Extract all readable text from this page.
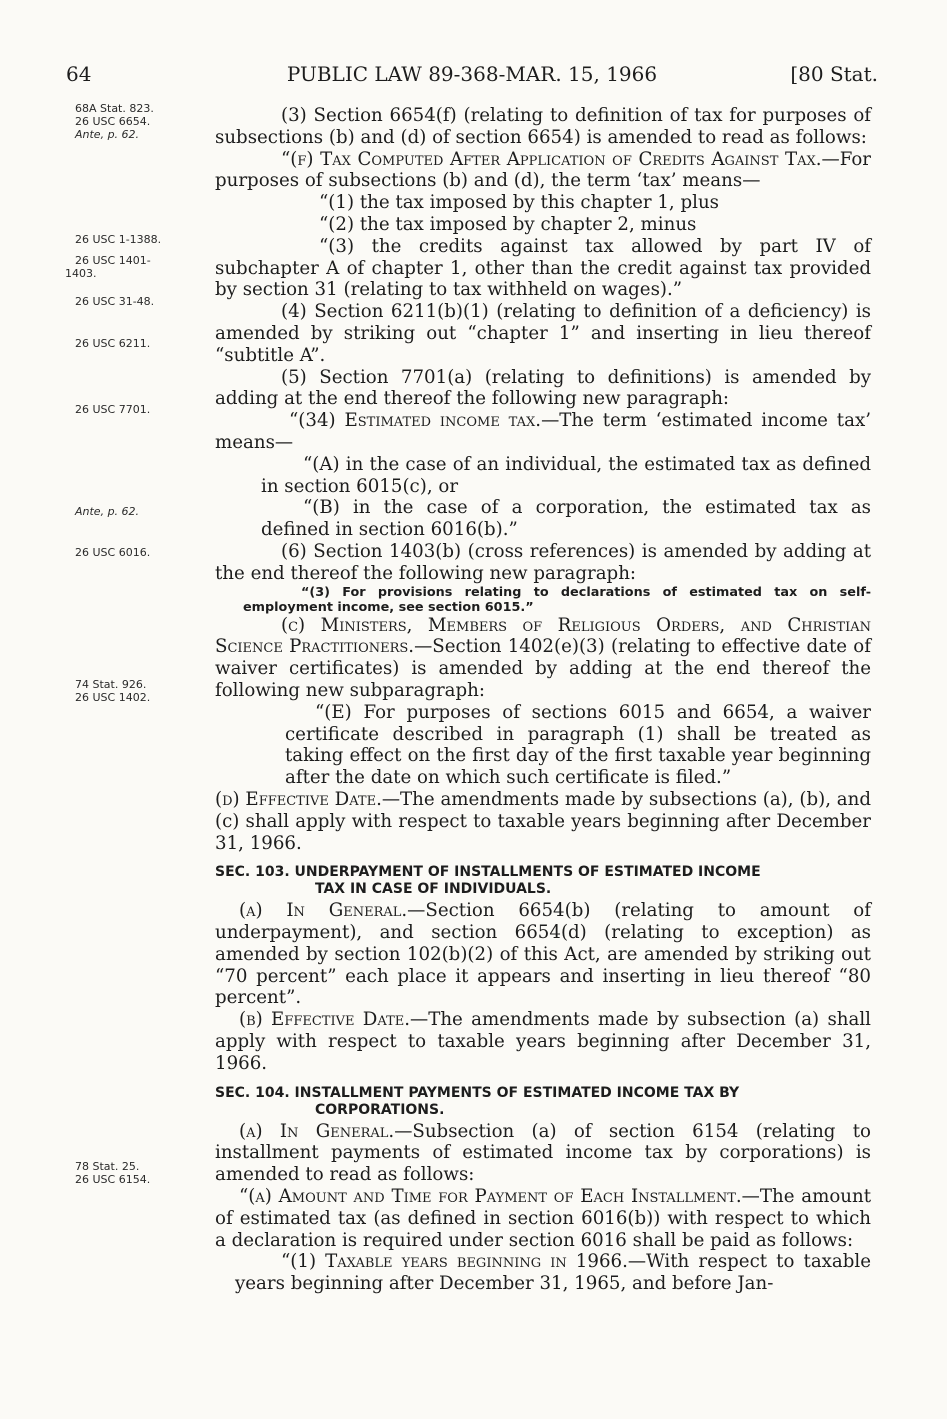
64	PUBLIC LAW 89-368-MAR. 15, 1966	[80 Stat.
68A Stat. 823.
26 USC 6654.
Ante, p. 62.
26 USC 1-1388.
26 USC 1401-
1403.
26 USC 31-48.
26 USC 6211.
26 USC 7701.
Ante, p. 62.
26 USC 6016.
74 Stat. 926.
26 USC 1402.
78 Stat. 25.
26 USC 6154.

(3) Section 6654(f) (relating to definition of tax for purposes of subsections (b) and (d) of section 6654) is amended to read as follows:

“(f) Tax Computed After Application of Credits Against Tax.—For purposes of subsections (b) and (d), the term ‘tax’ means—

“(1) the tax imposed by this chapter 1, plus

“(2) the tax imposed by chapter 2, minus

“(3) the credits against tax allowed by part IV of subchapter A of chapter 1, other than the credit against tax provided by section 31 (relating to tax withheld on wages).”

(4) Section 6211(b)(1) (relating to definition of a deficiency) is amended by striking out “chapter 1” and inserting in lieu thereof “subtitle A”.

(5) Section 7701(a) (relating to definitions) is amended by adding at the end thereof the following new paragraph:

“(34) Estimated income tax.—The term ‘estimated income tax’ means—

“(A) in the case of an individual, the estimated tax as defined in section 6015(c), or

“(B) in the case of a corporation, the estimated tax as defined in section 6016(b).”

(6) Section 1403(b) (cross references) is amended by adding at the end thereof the following new paragraph:

“(3) For provisions relating to declarations of estimated tax on self-employment income, see section 6015.”

(c) Ministers, Members of Religious Orders, and Christian Science Practitioners.—Section 1402(e)(3) (relating to effective date of waiver certificates) is amended by adding at the end thereof the following new subparagraph:

“(E) For purposes of sections 6015 and 6654, a waiver certificate described in paragraph (1) shall be treated as taking effect on the first day of the first taxable year beginning after the date on which such certificate is filed.”

(d) Effective Date.—The amendments made by subsections (a), (b), and (c) shall apply with respect to taxable years beginning after December 31, 1966.

SEC. 103. UNDERPAYMENT OF INSTALLMENTS OF ESTIMATED INCOME
TAX IN CASE OF INDIVIDUALS.

(a) In General.—Section 6654(b) (relating to amount of underpayment), and section 6654(d) (relating to exception) as amended by section 102(b)(2) of this Act, are amended by striking out “70 percent” each place it appears and inserting in lieu thereof “80 percent”.

(b) Effective Date.—The amendments made by subsection (a) shall apply with respect to taxable years beginning after December 31, 1966.

SEC. 104. INSTALLMENT PAYMENTS OF ESTIMATED INCOME TAX BY
CORPORATIONS.

(a) In General.—Subsection (a) of section 6154 (relating to installment payments of estimated income tax by corporations) is amended to read as follows:

“(a) Amount and Time for Payment of Each Installment.—The amount of estimated tax (as defined in section 6016(b)) with respect to which a declaration is required under section 6016 shall be paid as follows:

“(1) Taxable years beginning in 1966.—With respect to taxable years beginning after December 31, 1965, and before Jan-
